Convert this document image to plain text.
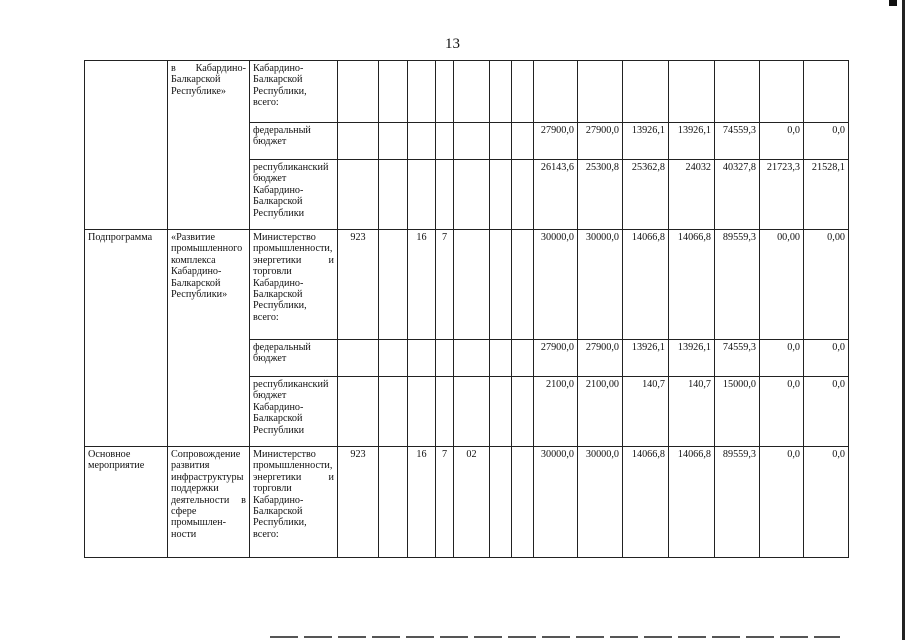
13
	в Кабардино-Балкарской Республике»	Кабардино-Балкарской Республики, всего:														
		федеральный бюджет								27900,0	27900,0	13926,1	13926,1	74559,3	0,0	0,0
		республиканский бюджет Кабардино-Балкарской Республики								26143,6	25300,8	25362,8	24032	40327,8	21723,3	21528,1
Подпрограмма	«Развитие промышленного комплекса Кабардино-Балкарской Республики»	Министерство промышленности, энергетики и торговли Кабардино-Балкарской Республики, всего:	923		16	7				30000,0	30000,0	14066,8	14066,8	89559,3	00,00	0,00
		федеральный бюджет								27900,0	27900,0	13926,1	13926,1	74559,3	0,0	0,0
		республиканский бюджет Кабардино-Балкарской Республики								2100,0	2100,00	140,7	140,7	15000,0	0,0	0,0
Основное мероприятие	Сопровождение развития инфраструктуры поддержки деятельности в сфере промышлен-ности	Министерство промышленности, энергетики и торговли Кабардино-Балкарской Республики, всего:	923		16	7	02			30000,0	30000,0	14066,8	14066,8	89559,3	0,0	0,0
